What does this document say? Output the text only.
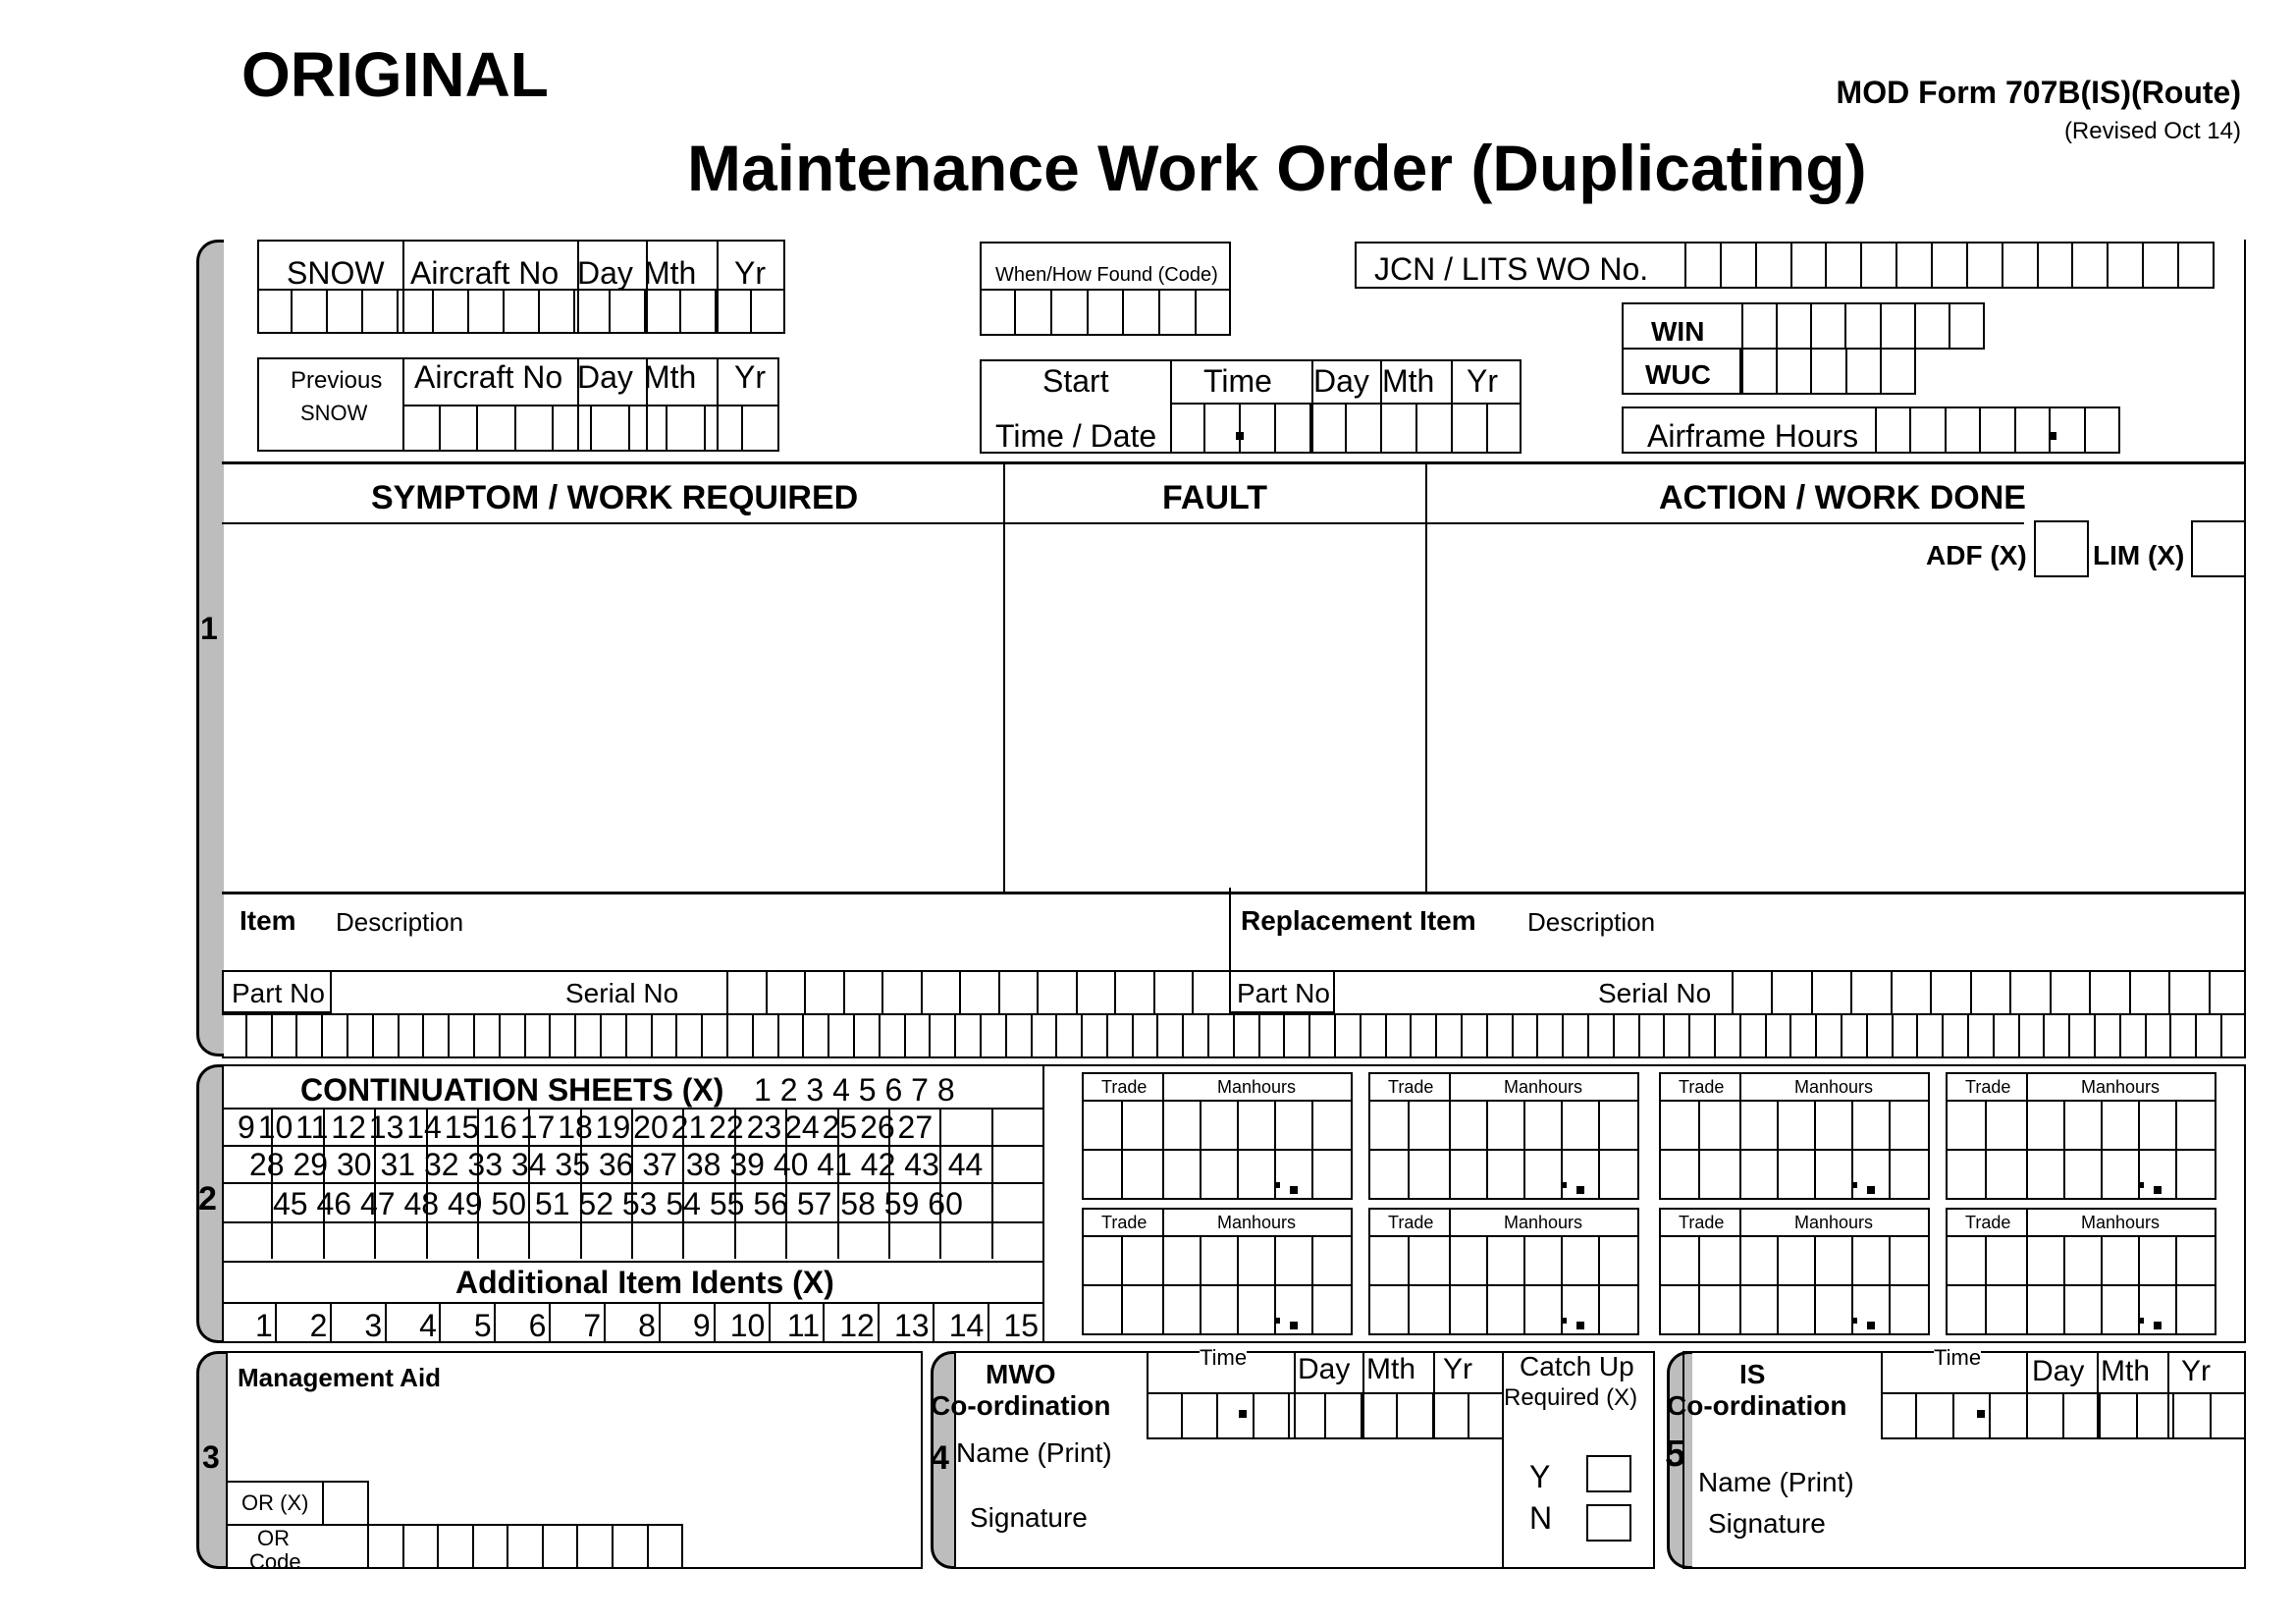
ORIGINAL	MOD Form 707B(IS)(Route)
(Revised Oct 14)
Maintenance Work Order (Duplicating)
1
SNOW Aircraft No Day Mth Yr
Previous
SNOW
Aircraft No Day Mth Yr
When/How Found (Code)
Start
Time / Date
Time Day Mth Yr
JCN / LITS WO No.
WIN
WUC
Airframe Hours
SYMPTOM / WORK REQUIRED	FAULT	ACTION / WORK DONE
ADF (X) LIM (X)
Item Description	Replacement Item Description
Part No	Serial No	Part No	Serial No
2
CONTINUATION SHEETS (X) 1 2 3 4 5 6 7 8
9 10 11 12 13 14 15 16 17 18 19 20 21 22 23 24 25 26 27
28 29 30 31 32 33 34 35 36 37 38 39 40 41 42 43 44
45 46 47 48 49 50 51 52 53 54 55 56 57 58 59 60
Additional Item Idents (X)
1	2	3	4	5	6	7	8	9 10 11 12 13 14 15
Trade	Manhours	Trade	Manhours	Trade	Manhours	Trade	Manhours
Trade	Manhours	Trade	Manhours	Trade	Manhours	Trade	Manhours
3
Management Aid
OR (X)
OR
Code
4
MWO
Co-ordination
Time Day Mth Yr
Name (Print)
Signature
Catch Up
Required (X)
Y
N
5
IS
Co-ordination
Time Day Mth Yr
Name (Print)
Signature
